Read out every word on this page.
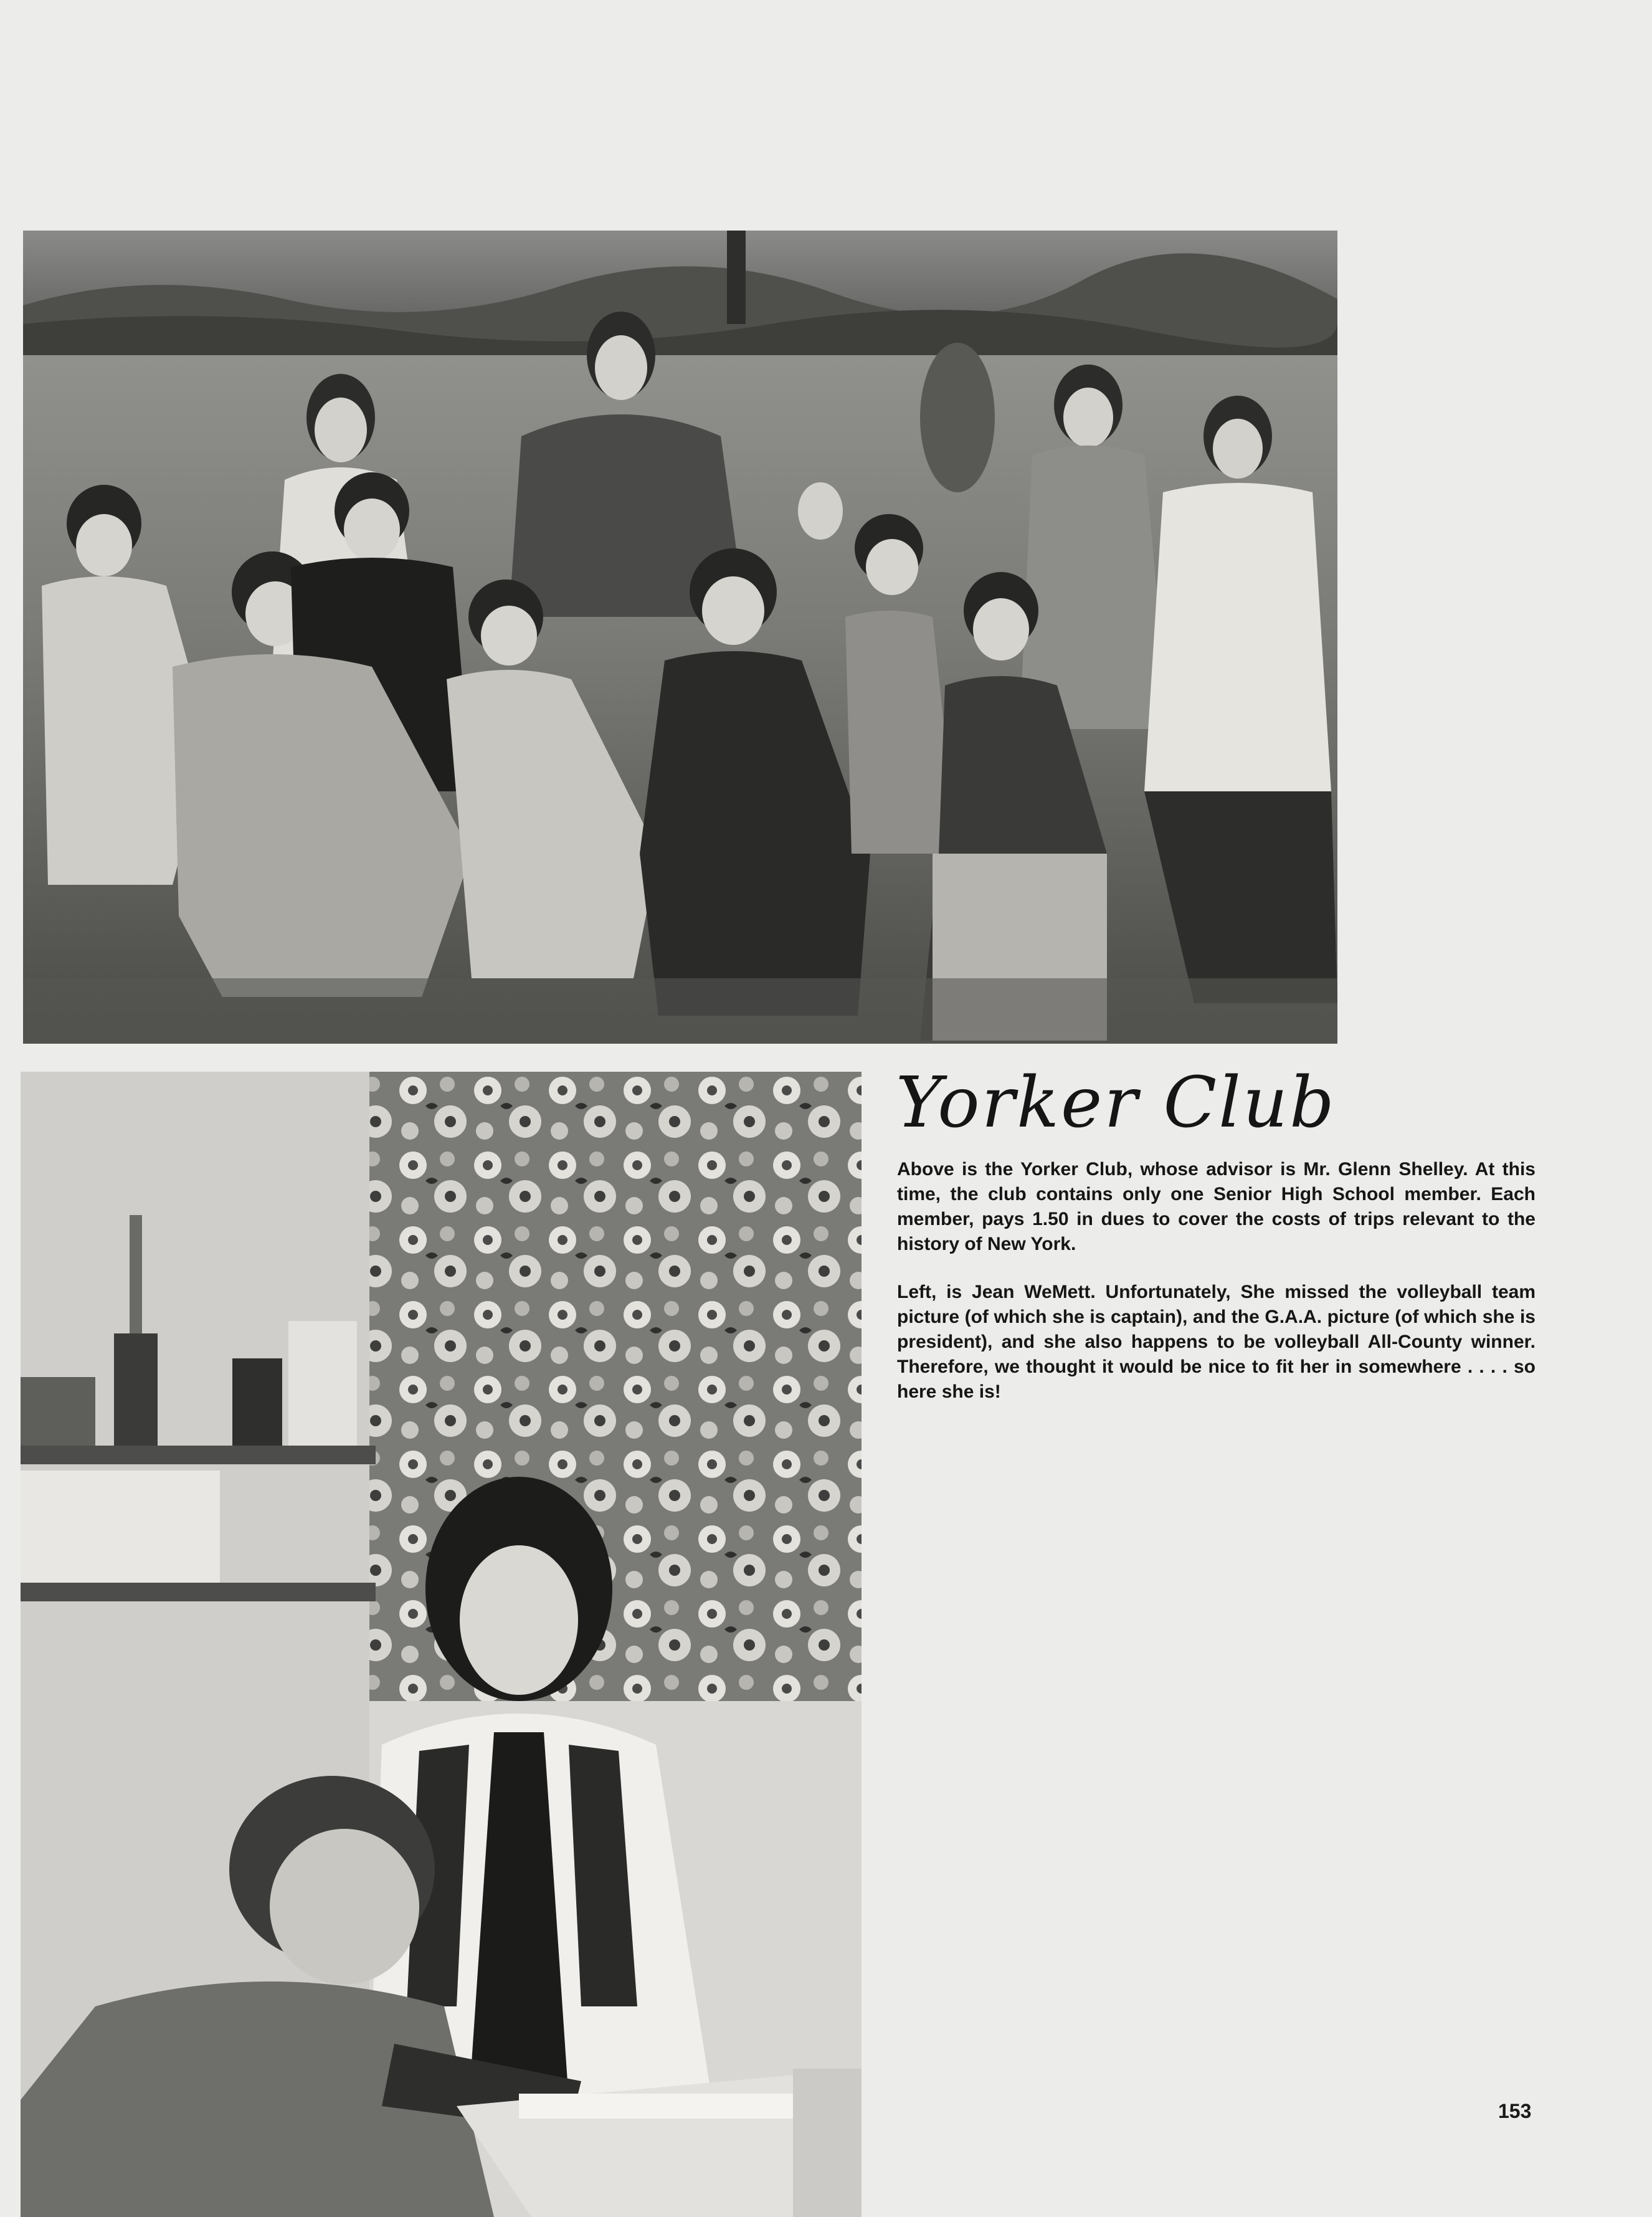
Yorker Club

Above is the Yorker Club, whose advisor is Mr. Glenn Shelley. At this time, the club contains only one Senior High School member. Each member, pays 1.50 in dues to cover the costs of trips relevant to the history of New York.

Left, is Jean WeMett. Unfortunately, She missed the volleyball team picture (of which she is captain), and the G.A.A. picture (of which she is president), and she also happens to be volleyball All-County winner. Therefore, we thought it would be nice to fit her in somewhere . . . . so here she is!

153
